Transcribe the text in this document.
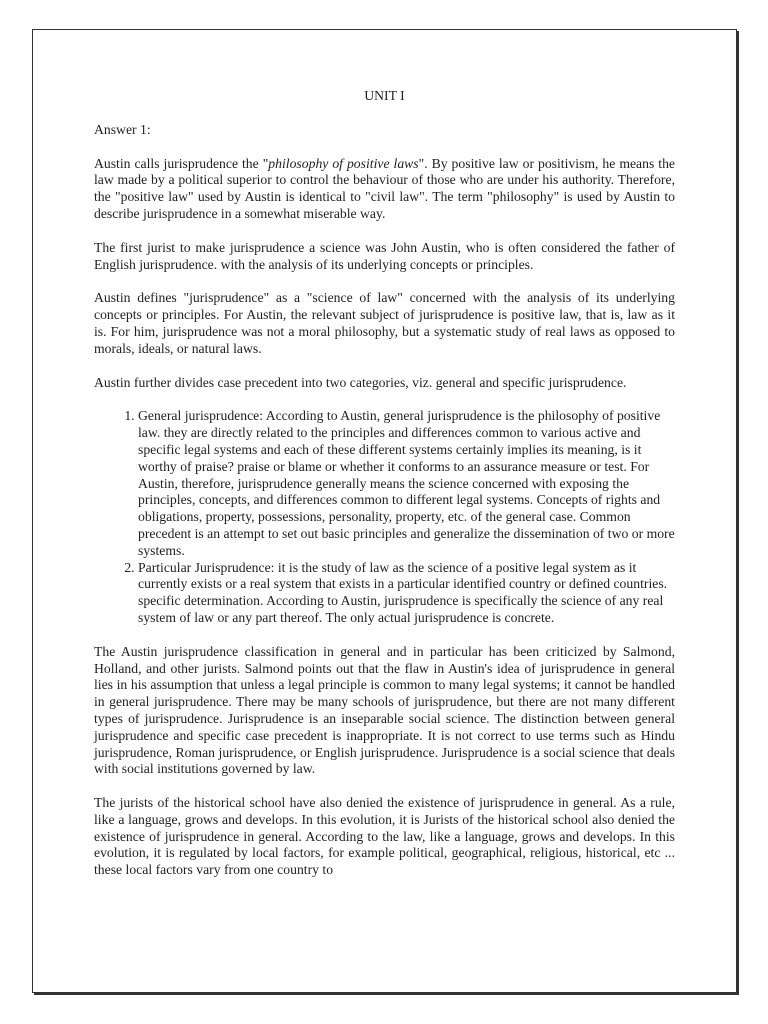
UNIT I
Answer 1:

Austin calls jurisprudence the "philosophy of positive laws". By positive law or positivism, he means the law made by a political superior to control the behaviour of those who are under his authority. Therefore, the "positive law" used by Austin is identical to "civil law". The term "philosophy" is used by Austin to describe jurisprudence in a somewhat miserable way.

The first jurist to make jurisprudence a science was John Austin, who is often considered the father of English jurisprudence. with the analysis of its underlying concepts or principles.

Austin defines "jurisprudence" as a "science of law" concerned with the analysis of its underlying concepts or principles. For Austin, the relevant subject of jurisprudence is positive law, that is, law as it is. For him, jurisprudence was not a moral philosophy, but a systematic study of real laws as opposed to morals, ideals, or natural laws.

Austin further divides case precedent into two categories, viz. general and specific jurisprudence.

1. General jurisprudence: According to Austin, general jurisprudence is the philosophy of positive law. they are directly related to the principles and differences common to various active and specific legal systems and each of these different systems certainly implies its meaning, is it worthy of praise? praise or blame or whether it conforms to an assurance measure or test. For Austin, therefore, jurisprudence generally means the science concerned with exposing the principles, concepts, and differences common to different legal systems. Concepts of rights and obligations, property, possessions, personality, property, etc. of the general case. Common precedent is an attempt to set out basic principles and generalize the dissemination of two or more systems.
2. Particular Jurisprudence: it is the study of law as the science of a positive legal system as it currently exists or a real system that exists in a particular identified country or defined countries. specific determination. According to Austin, jurisprudence is specifically the science of any real system of law or any part thereof. The only actual jurisprudence is concrete.

The Austin jurisprudence classification in general and in particular has been criticized by Salmond, Holland, and other jurists. Salmond points out that the flaw in Austin's idea of jurisprudence in general lies in his assumption that unless a legal principle is common to many legal systems; it cannot be handled in general jurisprudence. There may be many schools of jurisprudence, but there are not many different types of jurisprudence. Jurisprudence is an inseparable social science. The distinction between general jurisprudence and specific case precedent is inappropriate. It is not correct to use terms such as Hindu jurisprudence, Roman jurisprudence, or English jurisprudence. Jurisprudence is a social science that deals with social institutions governed by law.

The jurists of the historical school have also denied the existence of jurisprudence in general. As a rule, like a language, grows and develops. In this evolution, it is Jurists of the historical school also denied the existence of jurisprudence in general. According to the law, like a language, grows and develops. In this evolution, it is regulated by local factors, for example political, geographical, religious, historical, etc ... these local factors vary from one country to
